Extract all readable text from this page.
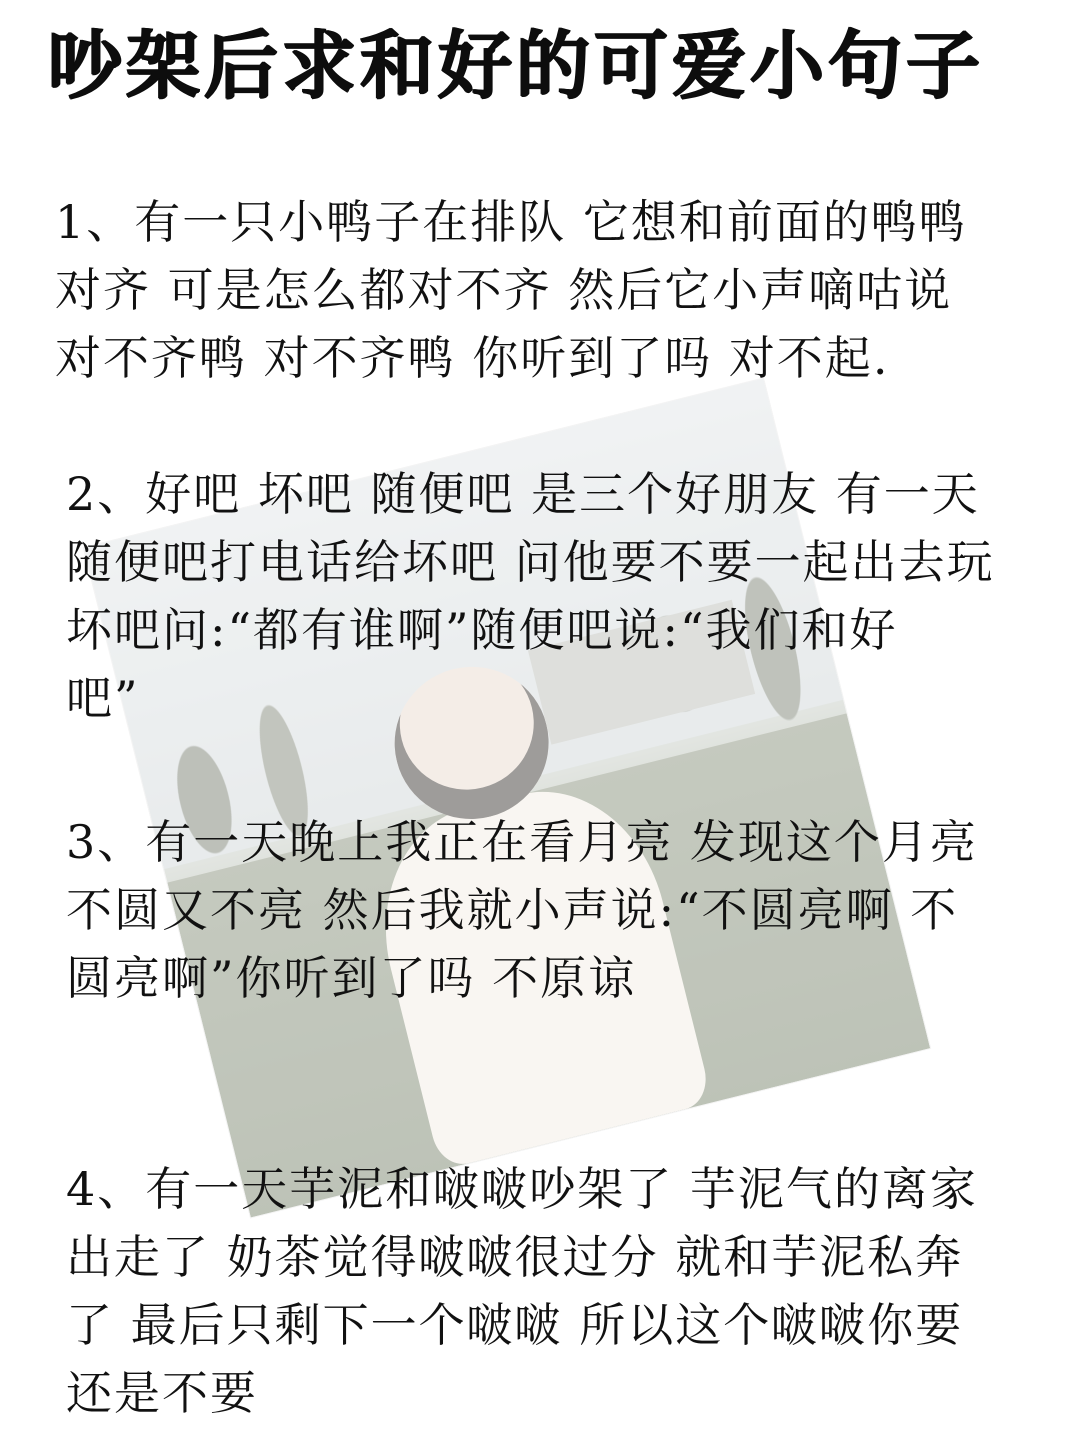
吵架后求和好的可爱小句子
1、有一只小鸭子在排队 它想和前面的鸭鸭
对齐 可是怎么都对不齐 然后它小声嘀咕说
对不齐鸭 对不齐鸭 你听到了吗 对不起.
2、好吧 坏吧 随便吧 是三个好朋友 有一天
随便吧打电话给坏吧 问他要不要一起出去玩
坏吧问:“都有谁啊”随便吧说:“我们和好
吧”
3、有一天晚上我正在看月亮 发现这个月亮
不圆又不亮 然后我就小声说:“不圆亮啊 不
圆亮啊”你听到了吗 不原谅
4、有一天芋泥和啵啵吵架了 芋泥气的离家
出走了 奶茶觉得啵啵很过分 就和芋泥私奔
了 最后只剩下一个啵啵 所以这个啵啵你要
还是不要
